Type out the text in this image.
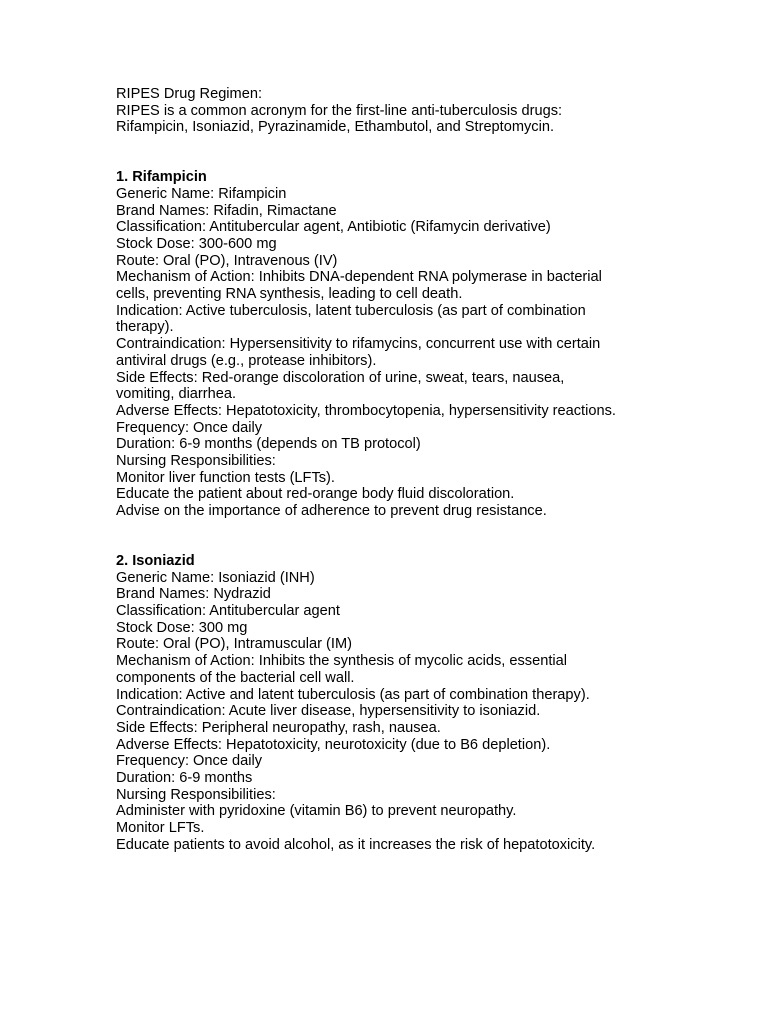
RIPES Drug Regimen:
RIPES is a common acronym for the first-line anti-tuberculosis drugs:
Rifampicin, Isoniazid, Pyrazinamide, Ethambutol, and Streptomycin.
1. Rifampicin
Generic Name: Rifampicin
Brand Names: Rifadin, Rimactane
Classification: Antitubercular agent, Antibiotic (Rifamycin derivative)
Stock Dose: 300-600 mg
Route: Oral (PO), Intravenous (IV)
Mechanism of Action: Inhibits DNA-dependent RNA polymerase in bacterial
cells, preventing RNA synthesis, leading to cell death.
Indication: Active tuberculosis, latent tuberculosis (as part of combination
therapy).
Contraindication: Hypersensitivity to rifamycins, concurrent use with certain
antiviral drugs (e.g., protease inhibitors).
Side Effects: Red-orange discoloration of urine, sweat, tears, nausea,
vomiting, diarrhea.
Adverse Effects: Hepatotoxicity, thrombocytopenia, hypersensitivity reactions.
Frequency: Once daily
Duration: 6-9 months (depends on TB protocol)
Nursing Responsibilities:
Monitor liver function tests (LFTs).
Educate the patient about red-orange body fluid discoloration.
Advise on the importance of adherence to prevent drug resistance.
2. Isoniazid
Generic Name: Isoniazid (INH)
Brand Names: Nydrazid
Classification: Antitubercular agent
Stock Dose: 300 mg
Route: Oral (PO), Intramuscular (IM)
Mechanism of Action: Inhibits the synthesis of mycolic acids, essential
components of the bacterial cell wall.
Indication: Active and latent tuberculosis (as part of combination therapy).
Contraindication: Acute liver disease, hypersensitivity to isoniazid.
Side Effects: Peripheral neuropathy, rash, nausea.
Adverse Effects: Hepatotoxicity, neurotoxicity (due to B6 depletion).
Frequency: Once daily
Duration: 6-9 months
Nursing Responsibilities:
Administer with pyridoxine (vitamin B6) to prevent neuropathy.
Monitor LFTs.
Educate patients to avoid alcohol, as it increases the risk of hepatotoxicity.
